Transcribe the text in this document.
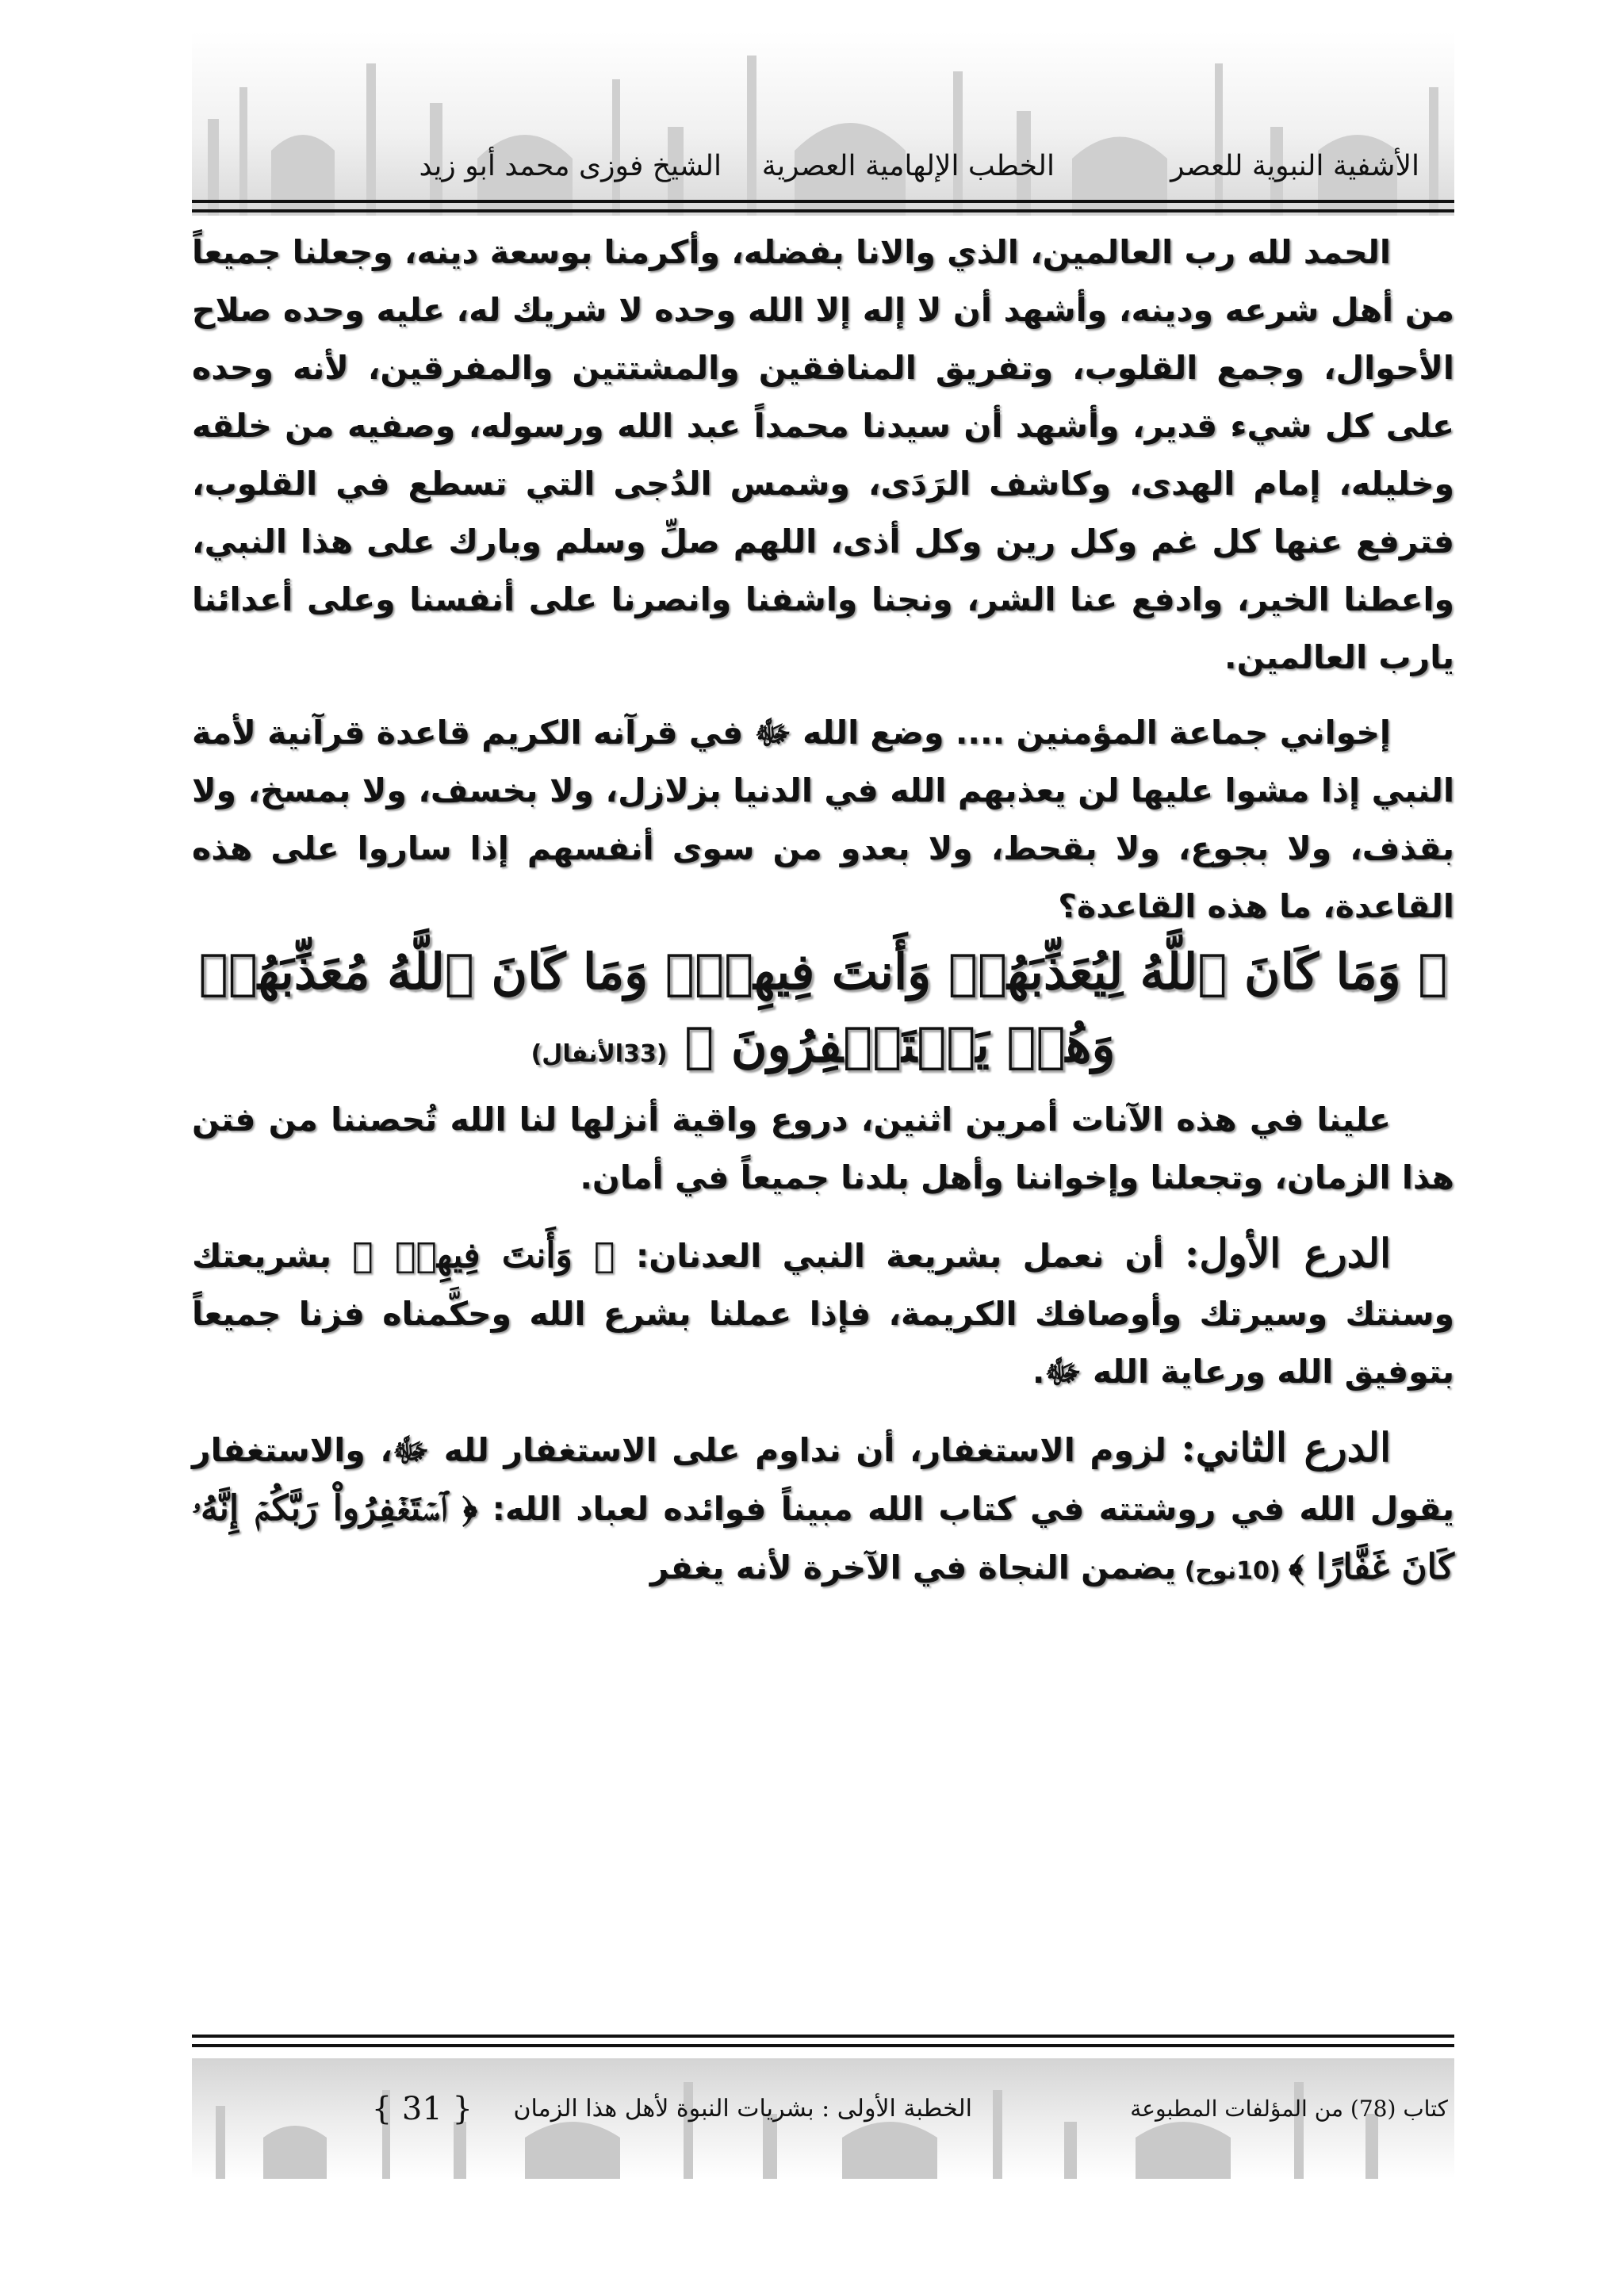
الأشفية النبوية للعصر
الخطب الإلهامية العصرية
الشيخ فوزى محمد أبو زيد

الحمد لله رب العالمين، الذي والانا بفضله، وأكرمنا بوسعة دينه، وجعلنا جميعاً من أهل شرعه ودينه، وأشهد أن لا إله إلا الله وحده لا شريك له، عليه وحده صلاح الأحوال، وجمع القلوب، وتفريق المنافقين والمشتتين والمفرقين، لأنه وحده على كل شيء قدير، وأشهد أن سيدنا محمداً عبد الله ورسوله، وصفيه من خلقه وخليله، إمام الهدى، وكاشف الرَدَى، وشمس الدُجى التي تسطع في القلوب، فترفع عنها كل غم وكل رين وكل أذى، اللهم صلِّ وسلم وبارك على هذا النبي، واعطنا الخير، وادفع عنا الشر، ونجنا واشفنا وانصرنا على أنفسنا وعلى أعدائنا يارب العالمين.

إخواني جماعة المؤمنين .... وضع الله ﷻ في قرآنه الكريم قاعدة قرآنية لأمة النبي إذا مشوا عليها لن يعذبهم الله في الدنيا بزلازل، ولا بخسف، ولا بمسخ، ولا بقذف، ولا بجوع، ولا بقحط، ولا بعدو من سوى أنفسهم إذا ساروا على هذه القاعدة، ما هذه القاعدة؟

﴿ وَمَا كَانَ ٱللَّهُ لِيُعَذِّبَهُمۡ وَأَنتَ فِيهِمۡۚ وَمَا كَانَ ٱللَّهُ مُعَذِّبَهُمۡ وَهُمۡ يَسۡتَغۡفِرُونَ ﴾ (33الأنفال)

علينا في هذه الآنات أمرين اثنين، دروع واقية أنزلها لنا الله تُحصننا من فتن هذا الزمان، وتجعلنا وإخواننا وأهل بلدنا جميعاً في أمان.

الدرع الأول: أن نعمل بشريعة النبي العدنان: ﴿ وَأَنتَ فِيهِمۡ ﴾ بشريعتك وسنتك وسيرتك وأوصافك الكريمة، فإذا عملنا بشرع الله وحكَّمناه فزنا جميعاً بتوفيق الله ورعاية الله ﷻ.

الدرع الثاني: لزوم الاستغفار، أن نداوم على الاستغفار لله ﷻ، والاستغفار يقول الله في روشتته في كتاب الله مبيناً فوائده لعباد الله: ﴿ ٱسۡتَغۡفِرُواْ رَبَّكُمۡ إِنَّهُۥ كَانَ غَفَّارًا ﴾ (10نوح) يضمن النجاة في الآخرة لأنه يغفر

كتاب (78) من المؤلفات المطبوعة
الخطبة الأولى : بشريات النبوة لأهل هذا الزمان
{ 31 }
